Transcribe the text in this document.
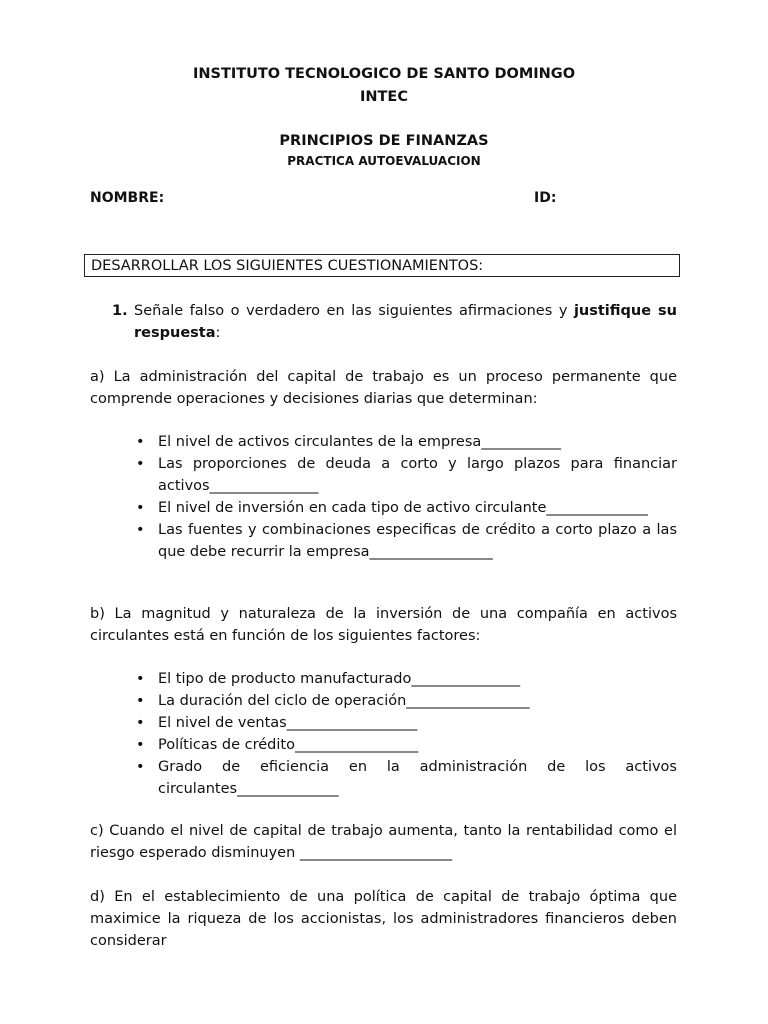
INSTITUTO TECNOLOGICO DE SANTO DOMINGO

INTEC

PRINCIPIOS DE FINANZAS

PRACTICA AUTOEVALUACION

NOMBRE:	ID:
DESARROLLAR LOS SIGUIENTES CUESTIONAMIENTOS:
1. Señale falso o verdadero en las siguientes afirmaciones y justifique su respuesta:

a) La administración del capital de trabajo es un proceso permanente que comprende operaciones y decisiones diarias que determinan:

• El nivel de activos circulantes de la empresa___________
• Las proporciones de deuda a corto y largo plazos para financiar activos_______________
• El nivel de inversión en cada tipo de activo circulante______________
• Las fuentes y combinaciones especificas de crédito a corto plazo a las que debe recurrir la empresa_________________

b) La magnitud y naturaleza de la inversión de una compañía en activos circulantes está en función de los siguientes factores:

• El tipo de producto manufacturado_______________
• La duración del ciclo de operación_________________
• El nivel de ventas__________________
• Políticas de crédito_________________
• Grado de eficiencia en la administración de los activos circulantes______________

c) Cuando el nivel de capital de trabajo aumenta, tanto la rentabilidad como el riesgo esperado disminuyen _____________________

d) En el establecimiento de una política de capital de trabajo óptima que maximice la riqueza de los accionistas, los administradores financieros deben considerar
